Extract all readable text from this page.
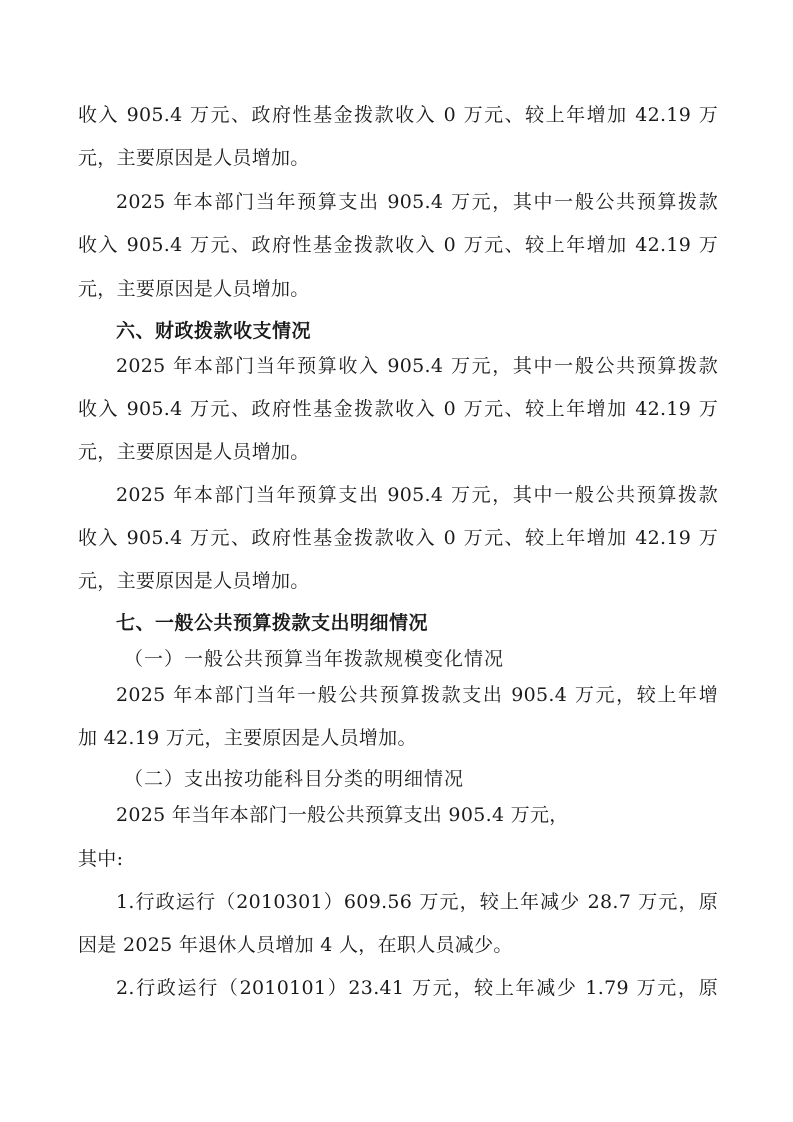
收入 905.4 万元、政府性基金拨款收入 0 万元、较上年增加 42.19 万
元，主要原因是人员增加。
2025 年本部门当年预算支出 905.4 万元，其中一般公共预算拨款
收入 905.4 万元、政府性基金拨款收入 0 万元、较上年增加 42.19 万
元，主要原因是人员增加。
六、财政拨款收支情况
2025 年本部门当年预算收入 905.4 万元，其中一般公共预算拨款
收入 905.4 万元、政府性基金拨款收入 0 万元、较上年增加 42.19 万
元，主要原因是人员增加。
2025 年本部门当年预算支出 905.4 万元，其中一般公共预算拨款
收入 905.4 万元、政府性基金拨款收入 0 万元、较上年增加 42.19 万
元，主要原因是人员增加。
七、一般公共预算拨款支出明细情况
（一）一般公共预算当年拨款规模变化情况
2025 年本部门当年一般公共预算拨款支出 905.4 万元，较上年增
加 42.19 万元，主要原因是人员增加。
（二）支出按功能科目分类的明细情况
2025 年当年本部门一般公共预算支出 905.4 万元，
其中:
1.行政运行（2010301）609.56 万元，较上年减少 28.7 万元，原
因是 2025 年退休人员增加 4 人，在职人员减少。
2.行政运行（2010101）23.41 万元，较上年减少 1.79 万元，原
